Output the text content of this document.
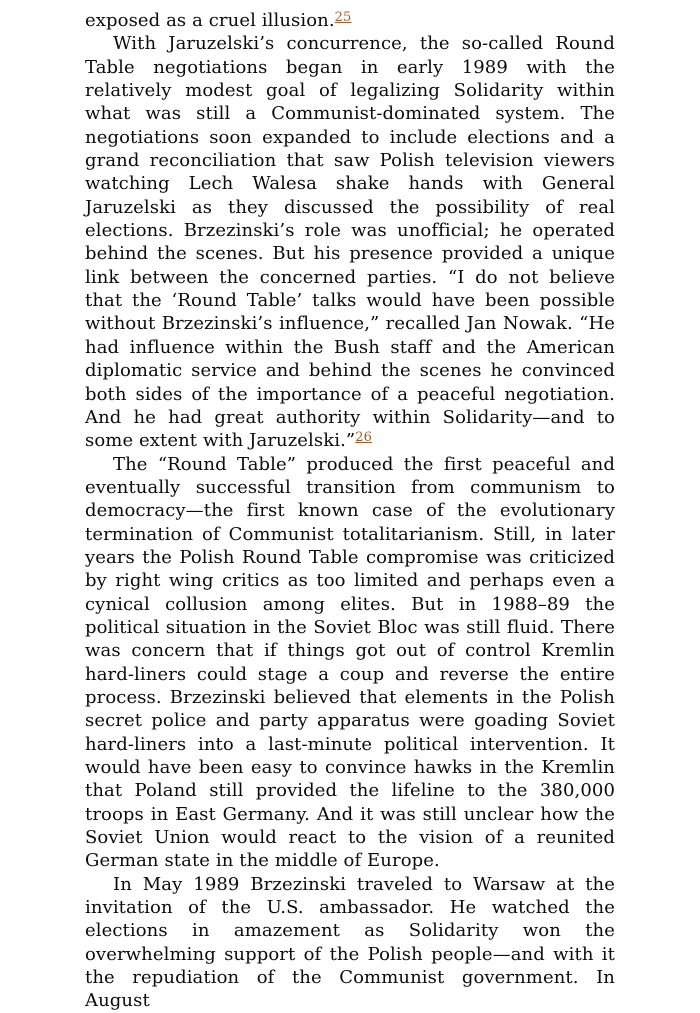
exposed as a cruel illusion.$^{25}$

With Jaruzelski’s concurrence, the so-called Round Table negotiations began in early 1989 with the relatively modest goal of legalizing Solidarity within what was still a Communist-dominated system. The negotiations soon expanded to include elections and a grand reconciliation that saw Polish television viewers watching Lech Walesa shake hands with General Jaruzelski as they discussed the possibility of real elections. Brzezinski’s role was unofficial; he operated behind the scenes. But his presence provided a unique link between the concerned parties. “I do not believe that the ‘Round Table’ talks would have been possible without Brzezinski’s influence,” recalled Jan Nowak. “He had influence within the Bush staff and the American diplomatic service and behind the scenes he convinced both sides of the importance of a peaceful negotiation. And he had great authority within Solidarity—and to some extent with Jaruzelski.”$^{26}$

The “Round Table” produced the first peaceful and eventually successful transition from communism to democracy—the first known case of the evolutionary termination of Communist totalitarianism. Still, in later years the Polish Round Table compromise was criticized by right wing critics as too limited and perhaps even a cynical collusion among elites. But in 1988–89 the political situation in the Soviet Bloc was still fluid. There was concern that if things got out of control Kremlin hard-liners could stage a coup and reverse the entire process. Brzezinski believed that elements in the Polish secret police and party apparatus were goading Soviet hard-liners into a last-minute political intervention. It would have been easy to convince hawks in the Kremlin that Poland still provided the lifeline to the 380,000 troops in East Germany. And it was still unclear how the Soviet Union would react to the vision of a reunited German state in the middle of Europe.

In May 1989 Brzezinski traveled to Warsaw at the invitation of the U.S. ambassador. He watched the elections in amazement as Solidarity won the overwhelming support of the Polish people—and with it the repudiation of the Communist government. In August
